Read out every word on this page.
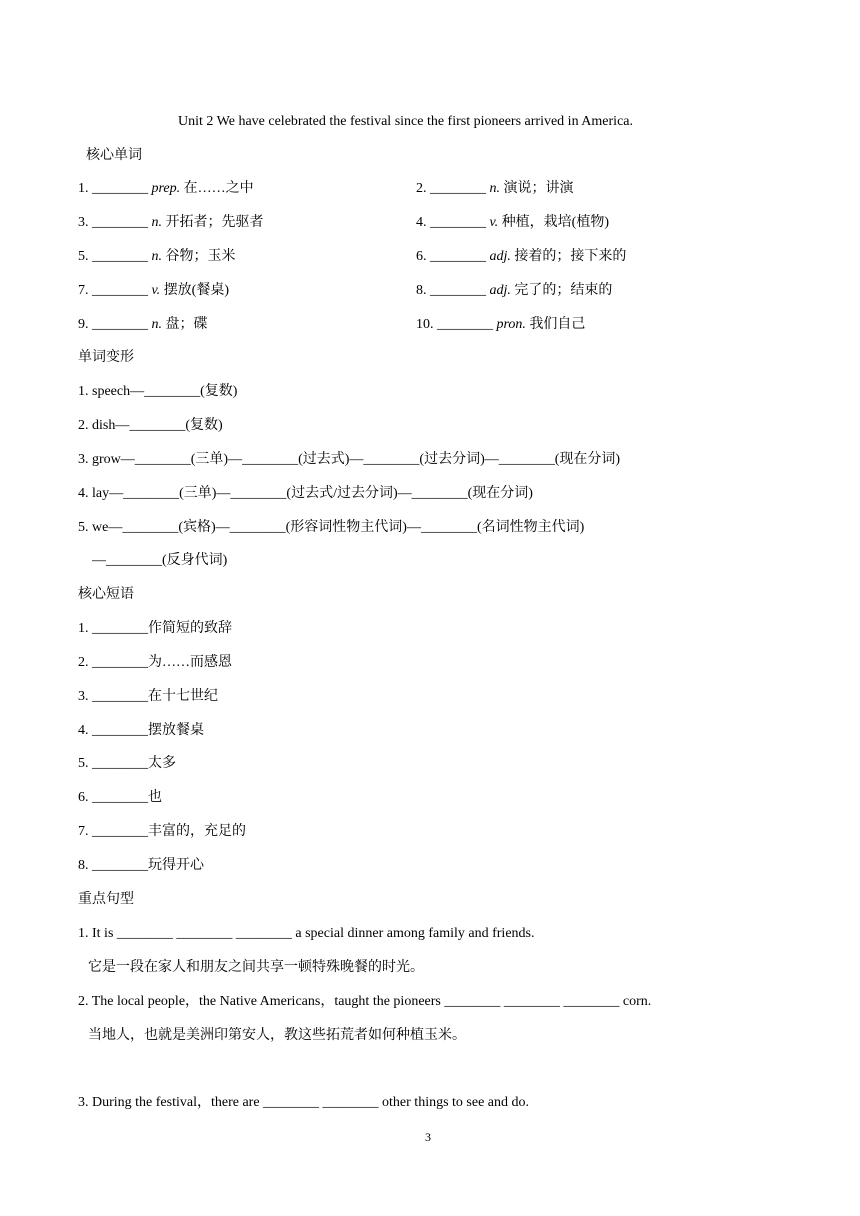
Unit 2 We have celebrated the festival since the first pioneers arrived in America.
核心单词
1. ________ prep. 在……之中	2. ________ n. 演说；讲演
3. ________ n. 开拓者；先驱者	4. ________ v. 种植，栽培(植物)
5. ________ n. 谷物；玉米	6. ________ adj. 接着的；接下来的
7. ________ v. 摆放(餐桌)	8. ________ adj. 完了的；结束的
9. ________ n. 盘；碟	10. ________ pron. 我们自己
单词变形
1. speech—________(复数)
2. dish—________(复数)
3. grow—________(三单)—________(过去式)—________(过去分词)—________(现在分词)
4. lay—________(三单)—________(过去式/过去分词)—________(现在分词)
5. we—________(宾格)—________(形容词性物主代词)—________(名词性物主代词)
—________(反身代词)
核心短语
1. ________作简短的致辞
2. ________为……而感恩
3. ________在十七世纪
4. ________摆放餐桌
5. ________太多
6. ________也
7. ________丰富的，充足的
8. ________玩得开心
重点句型
1. It is ________ ________ ________ a special dinner among family and friends.
它是一段在家人和朋友之间共享一顿特殊晚餐的时光。
2. The local people，the Native Americans，taught the pioneers ________ ________ ________ corn.
当地人，也就是美洲印第安人，教这些拓荒者如何种植玉米。
3. During the festival，there are ________ ________ other things to see and do.
3
